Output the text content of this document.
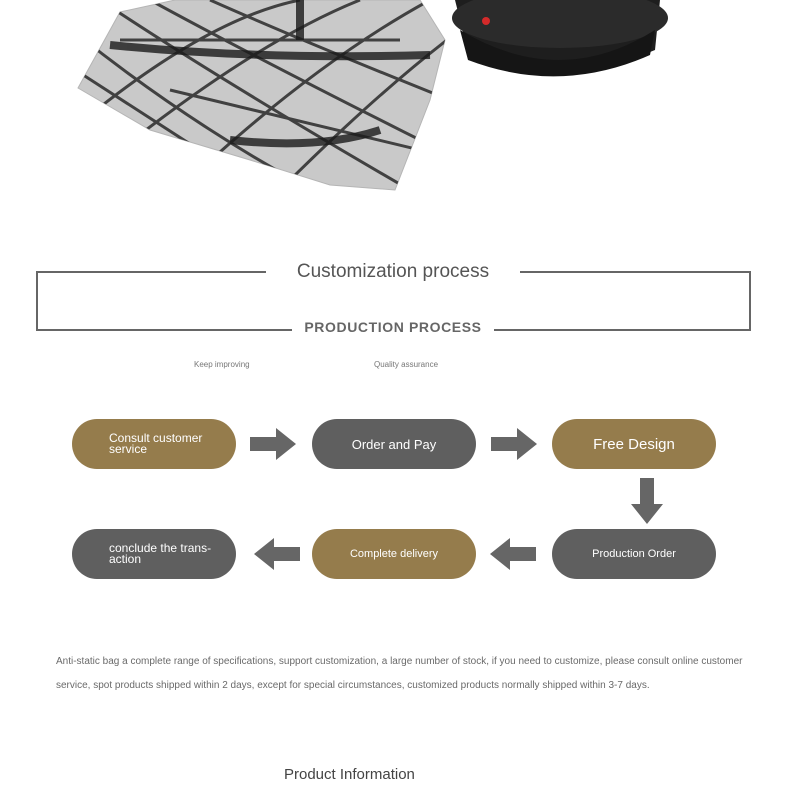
Customization process
PRODUCTION PROCESS
Keep improving	Quality assurance
Consult customer
service	Order and Pay	Free Design
conclude the trans-
action	Complete delivery	Production Order
Anti-static bag a complete range of specifications, support customization, a large number of stock, if you need to customize, please consult online customer service, spot products shipped within 2 days, except for special circumstances, customized products normally shipped within 3-7 days.
Product Information
